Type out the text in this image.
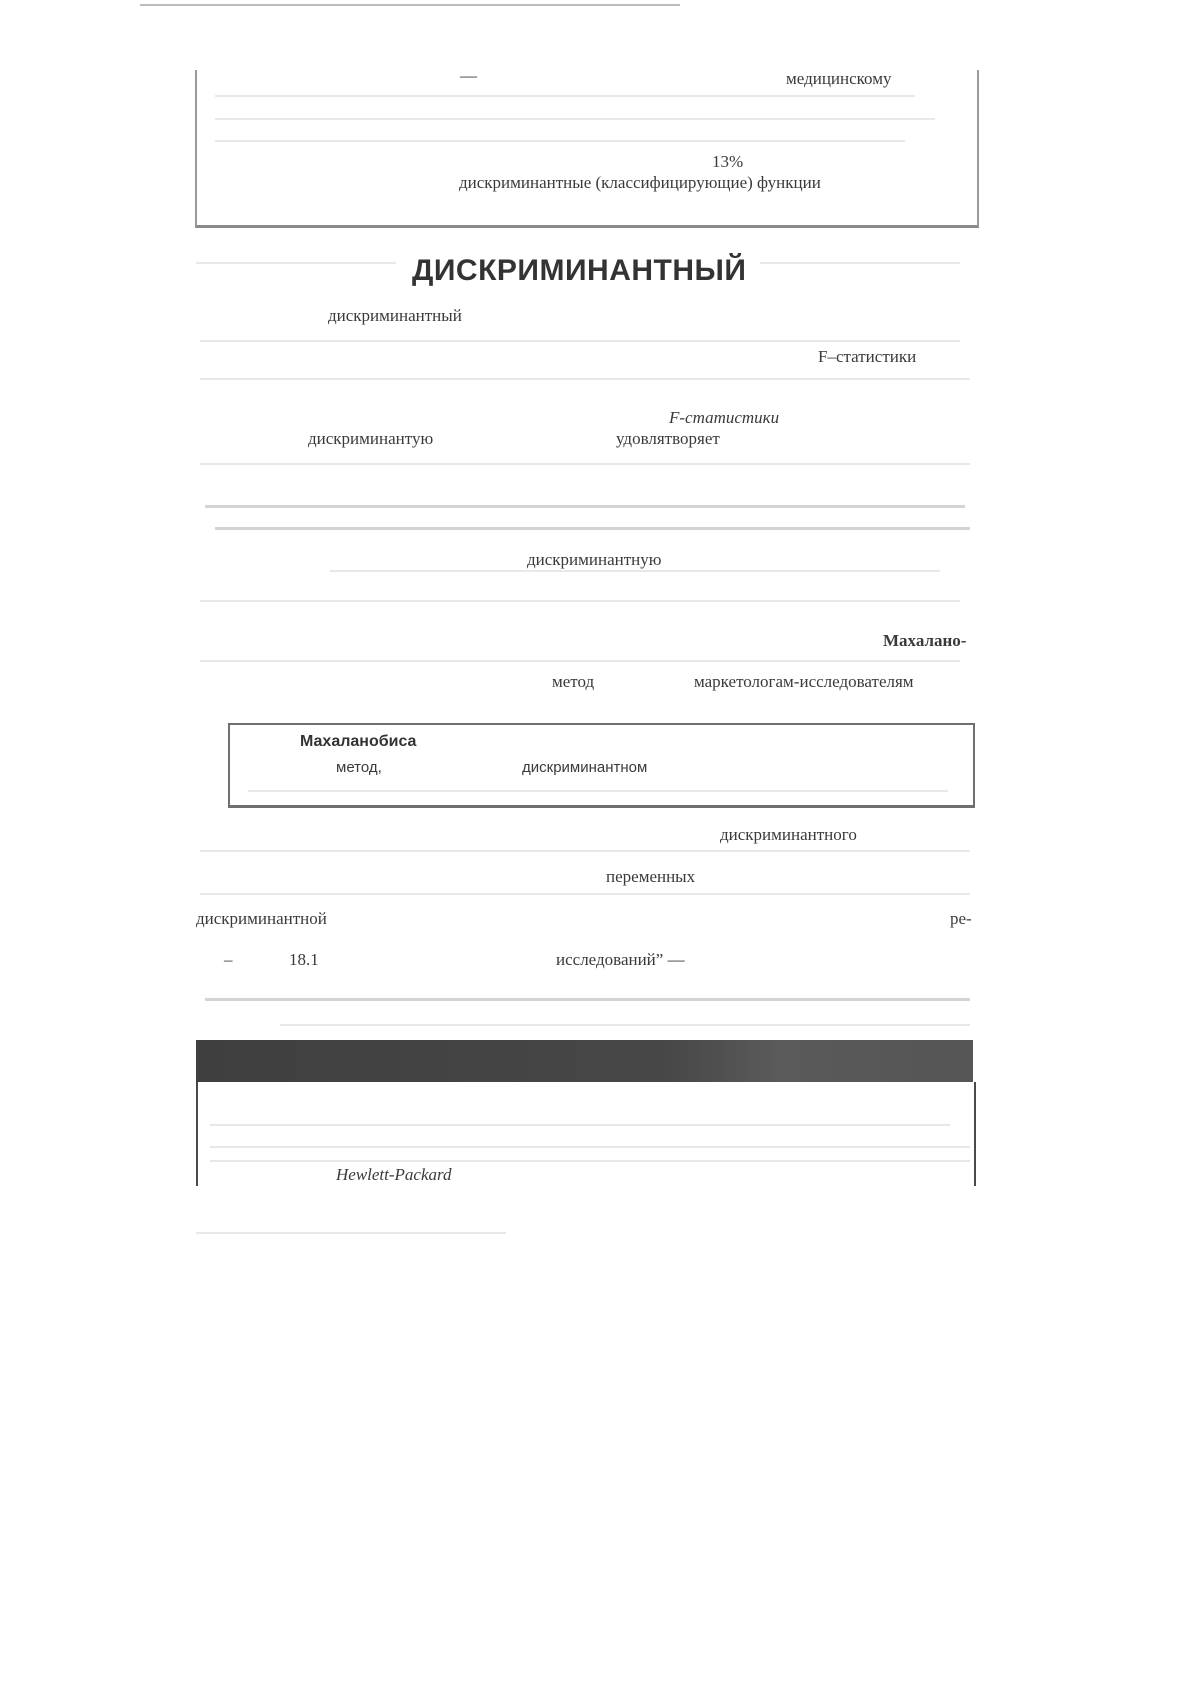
—	медицинскому
13%
дискриминантные (классифицирующие) функции
ДИСКРИМИНАНТНЫЙ
дискриминантный
F–статистики
F-статистики
дискриминантую	удовлятворяет
дискриминантную
Махалано-
метод	маркетологам-исследователям
Махаланобиса
метод,	дискриминантном
дискриминантного
переменных
дискриминантной	ре-
–	18.1	исследований” —
Hewlett-Packard
